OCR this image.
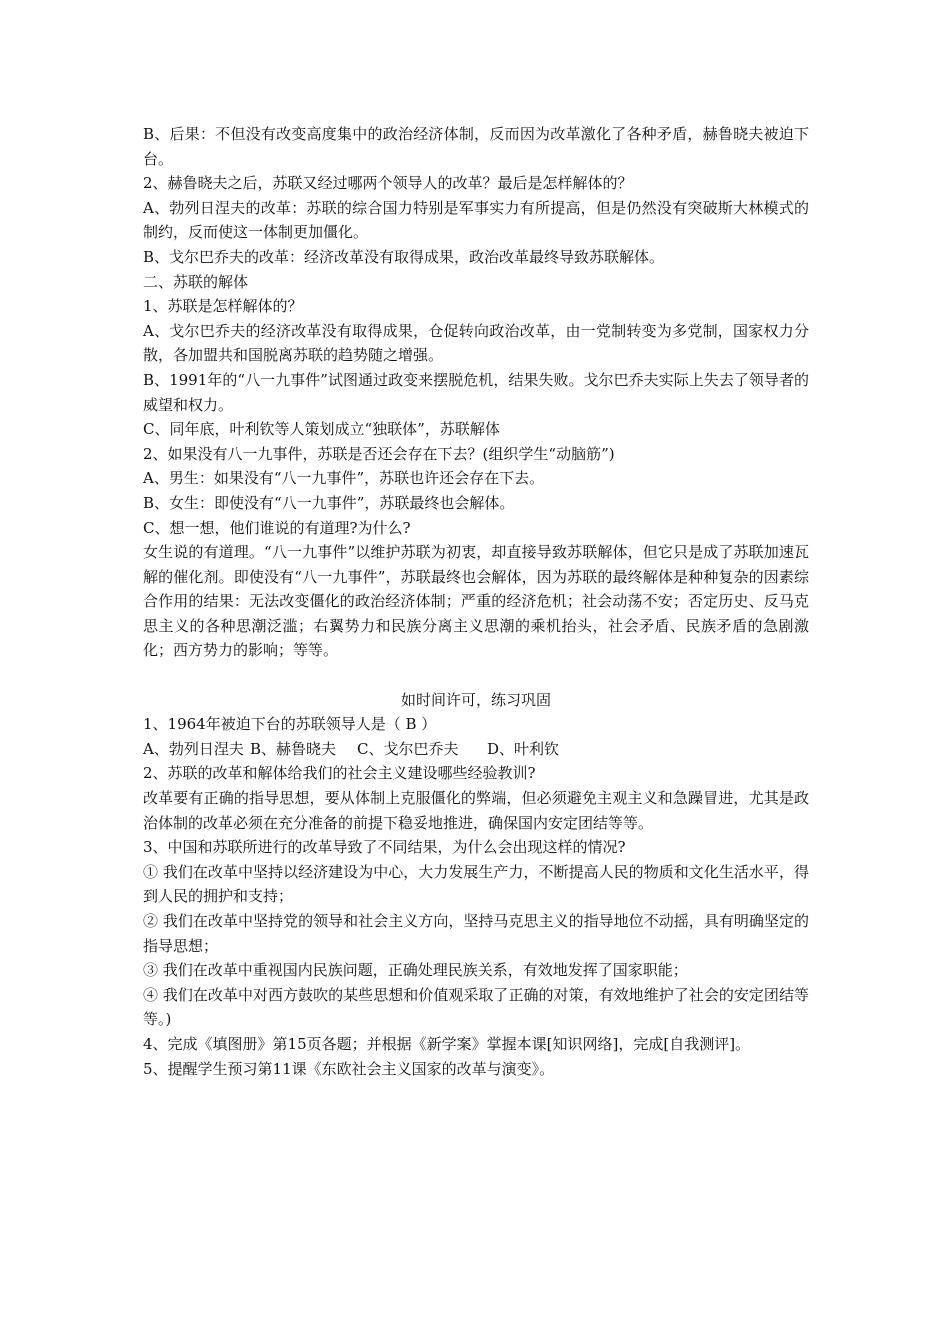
B、后果：不但没有改变高度集中的政治经济体制，反而因为改革激化了各种矛盾，赫鲁晓夫被迫下台。

2、赫鲁晓夫之后，苏联又经过哪两个领导人的改革？最后是怎样解体的？

A、勃列日涅夫的改革：苏联的综合国力特别是军事实力有所提高，但是仍然没有突破斯大林模式的制约，反而使这一体制更加僵化。

B、戈尔巴乔夫的改革：经济改革没有取得成果，政治改革最终导致苏联解体。

二、苏联的解体

1、苏联是怎样解体的？

A、戈尔巴乔夫的经济改革没有取得成果，仓促转向政治改革，由一党制转变为多党制，国家权力分散，各加盟共和国脱离苏联的趋势随之增强。

B、1991年的“八一九事件”试图通过政变来摆脱危机，结果失败。戈尔巴乔夫实际上失去了领导者的威望和权力。

C、同年底，叶利钦等人策划成立“独联体”，苏联解体

2、如果没有八一九事件，苏联是否还会存在下去？(组织学生“动脑筋”)

A、男生：如果没有“八一九事件”，苏联也许还会存在下去。

B、女生：即使没有“八一九事件”，苏联最终也会解体。

C、想一想，他们谁说的有道理?为什么?

女生说的有道理。“八一九事件”以维护苏联为初衷，却直接导致苏联解体，但它只是成了苏联加速瓦解的催化剂。即使没有“八一九事件”，苏联最终也会解体，因为苏联的最终解体是种种复杂的因素综合作用的结果：无法改变僵化的政治经济体制；严重的经济危机；社会动荡不安；否定历史、反马克思主义的各种思潮泛滥；右翼势力和民族分离主义思潮的乘机抬头，社会矛盾、民族矛盾的急剧激化；西方势力的影响；等等。

如时间许可，练习巩固

1、1964年被迫下台的苏联领导人是（ B ）

A、勃列日涅夫 B、赫鲁晓夫	C、戈尔巴乔夫	D、叶利钦

2、苏联的改革和解体给我们的社会主义建设哪些经验教训?

改革要有正确的指导思想，要从体制上克服僵化的弊端，但必须避免主观主义和急躁冒进，尤其是政治体制的改革必须在充分准备的前提下稳妥地推进，确保国内安定团结等等。

3、中国和苏联所进行的改革导致了不同结果，为什么会出现这样的情况?

① 我们在改革中坚持以经济建设为中心，大力发展生产力，不断提高人民的物质和文化生活水平，得到人民的拥护和支持；

② 我们在改革中坚持党的领导和社会主义方向，坚持马克思主义的指导地位不动摇，具有明确坚定的指导思想；

③ 我们在改革中重视国内民族问题，正确处理民族关系，有效地发挥了国家职能；

④ 我们在改革中对西方鼓吹的某些思想和价值观采取了正确的对策，有效地维护了社会的安定团结等等。)

4、完成《填图册》第15页各题；并根据《新学案》掌握本课[知识网络]，完成[自我测评]。

5、提醒学生预习第11课《东欧社会主义国家的改革与演变》。
